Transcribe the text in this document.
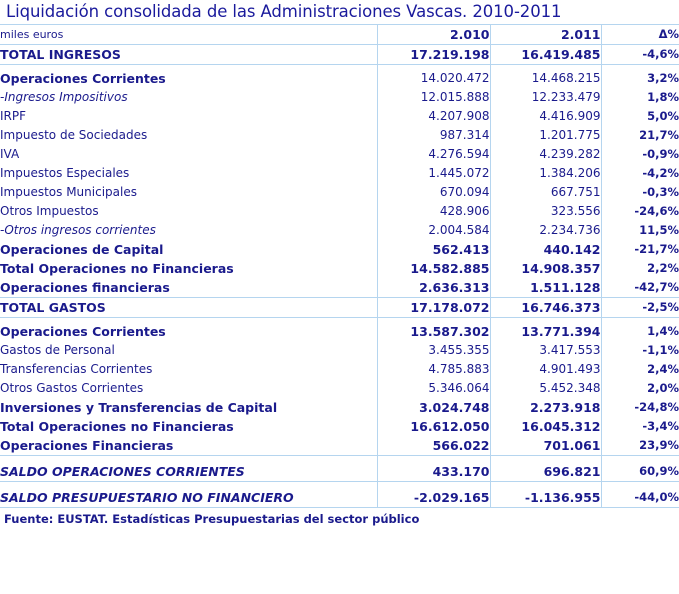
Liquidación consolidada de las Administraciones Vascas. 2010-2011
miles euros	2.010	2.011	Δ%
TOTAL INGRESOS	17.219.198	16.419.485	-4,6%

Operaciones Corrientes	14.020.472	14.468.215	3,2%
-Ingresos Impositivos	12.015.888	12.233.479	1,8%
IRPF	4.207.908	4.416.909	5,0%
Impuesto de Sociedades	987.314	1.201.775	21,7%
IVA	4.276.594	4.239.282	-0,9%
Impuestos Especiales	1.445.072	1.384.206	-4,2%
Impuestos Municipales	670.094	667.751	-0,3%
Otros Impuestos	428.906	323.556	-24,6%
-Otros ingresos corrientes	2.004.584	2.234.736	11,5%
Operaciones de Capital	562.413	440.142	-21,7%
Total Operaciones no Financieras	14.582.885	14.908.357	2,2%
Operaciones financieras	2.636.313	1.511.128	-42,7%
TOTAL GASTOS	17.178.072	16.746.373	-2,5%

Operaciones Corrientes	13.587.302	13.771.394	1,4%
Gastos de Personal	3.455.355	3.417.553	-1,1%
Transferencias Corrientes	4.785.883	4.901.493	2,4%
Otros Gastos Corrientes	5.346.064	5.452.348	2,0%
Inversiones y Transferencias de Capital	3.024.748	2.273.918	-24,8%
Total Operaciones no Financieras	16.612.050	16.045.312	-3,4%
Operaciones Financieras	566.022	701.061	23,9%

SALDO OPERACIONES CORRIENTES	433.170	696.821	60,9%

SALDO PRESUPUESTARIO NO FINANCIERO	-2.029.165	-1.136.955	-44,0%
Fuente: EUSTAT. Estadísticas Presupuestarias del sector público
